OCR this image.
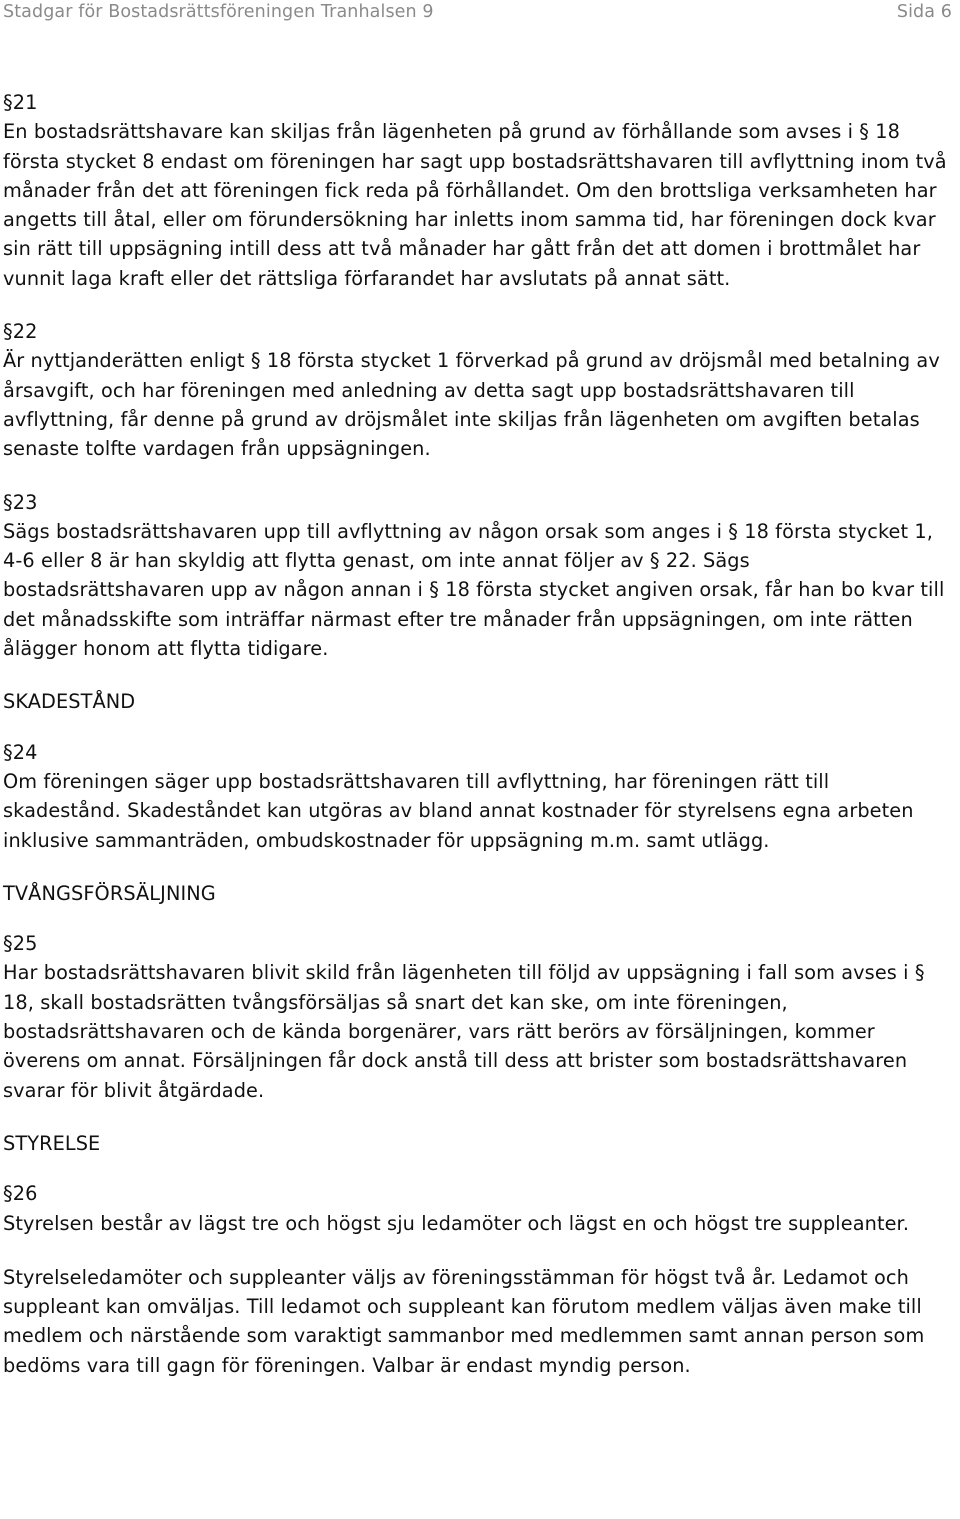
Stadgar för Bostadsrättsföreningen Tranhalsen 9	Sida 6
§21

En bostadsrättshavare kan skiljas från lägenheten på grund av förhållande som avses i § 18 första stycket 8 endast om föreningen har sagt upp bostadsrättshavaren till avflyttning inom två månader från det att föreningen fick reda på förhållandet. Om den brottsliga verksamheten har angetts till åtal, eller om förundersökning har inletts inom samma tid, har föreningen dock kvar sin rätt till uppsägning intill dess att två månader har gått från det att domen i brottmålet har vunnit laga kraft eller det rättsliga förfarandet har avslutats på annat sätt.

§22

Är nyttjanderätten enligt § 18 första stycket 1 förverkad på grund av dröjsmål med betalning av årsavgift, och har föreningen med anledning av detta sagt upp bostadsrättshavaren till avflyttning, får denne på grund av dröjsmålet inte skiljas från lägenheten om avgiften betalas senaste tolfte vardagen från uppsägningen.

§23

Sägs bostadsrättshavaren upp till avflyttning av någon orsak som anges i § 18 första stycket 1, 4-6 eller 8 är han skyldig att flytta genast, om inte annat följer av § 22. Sägs bostadsrättshavaren upp av någon annan i § 18 första stycket angiven orsak, får han bo kvar till det månadsskifte som inträffar närmast efter tre månader från uppsägningen, om inte rätten ålägger honom att flytta tidigare.

SKADESTÅND
§24

Om föreningen säger upp bostadsrättshavaren till avflyttning, har föreningen rätt till skadestånd. Skadeståndet kan utgöras av bland annat kostnader för styrelsens egna arbeten inklusive sammanträden, ombudskostnader för uppsägning m.m. samt utlägg.

TVÅNGSFÖRSÄLJNING
§25

Har bostadsrättshavaren blivit skild från lägenheten till följd av uppsägning i fall som avses i § 18, skall bostadsrätten tvångsförsäljas så snart det kan ske, om inte föreningen, bostadsrättshavaren och de kända borgenärer, vars rätt berörs av försäljningen, kommer överens om annat. Försäljningen får dock anstå till dess att brister som bostadsrättshavaren svarar för blivit åtgärdade.

STYRELSE
§26

Styrelsen består av lägst tre och högst sju ledamöter och lägst en och högst tre suppleanter.

Styrelseledamöter och suppleanter väljs av föreningsstämman för högst två år. Ledamot och suppleant kan omväljas. Till ledamot och suppleant kan förutom medlem väljas även make till medlem och närstående som varaktigt sammanbor med medlemmen samt annan person som bedöms vara till gagn för föreningen. Valbar är endast myndig person.
